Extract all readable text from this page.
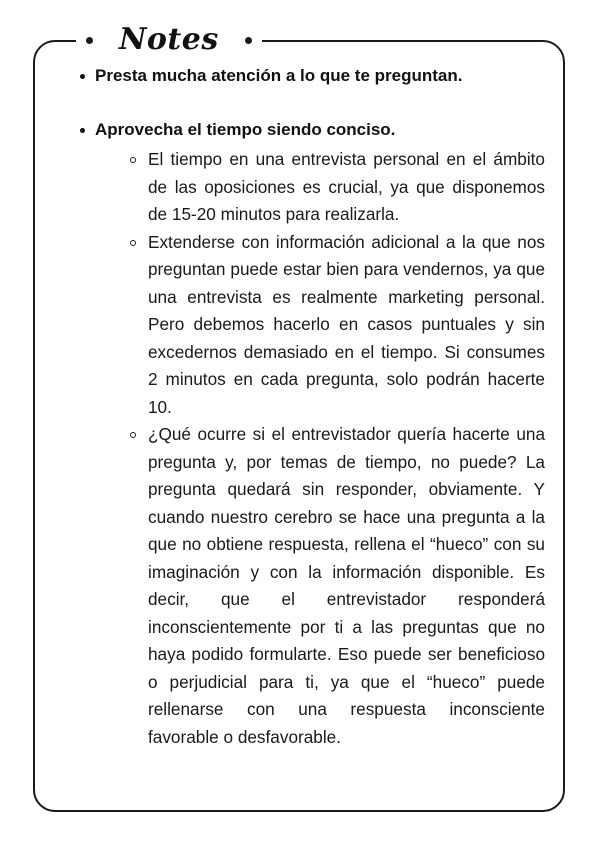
Notes
Presta mucha atención a lo que te preguntan.
Aprovecha el tiempo siendo conciso.
El tiempo en una entrevista personal en el ámbito de las oposiciones es crucial, ya que disponemos de 15-20 minutos para realizarla.
Extenderse con información adicional a la que nos preguntan puede estar bien para vendernos, ya que una entrevista es realmente marketing personal. Pero debemos hacerlo en casos puntuales y sin excedernos demasiado en el tiempo. Si consumes 2 minutos en cada pregunta, solo podrán hacerte 10.
¿Qué ocurre si el entrevistador quería hacerte una pregunta y, por temas de tiempo, no puede? La pregunta quedará sin responder, obviamente. Y cuando nuestro cerebro se hace una pregunta a la que no obtiene respuesta, rellena el “hueco” con su imaginación y con la información disponible. Es decir, que el entrevistador responderá inconscientemente por ti a las preguntas que no haya podido formularte. Eso puede ser beneficioso o perjudicial para ti, ya que el “hueco” puede rellenarse con una respuesta inconsciente favorable o desfavorable.
